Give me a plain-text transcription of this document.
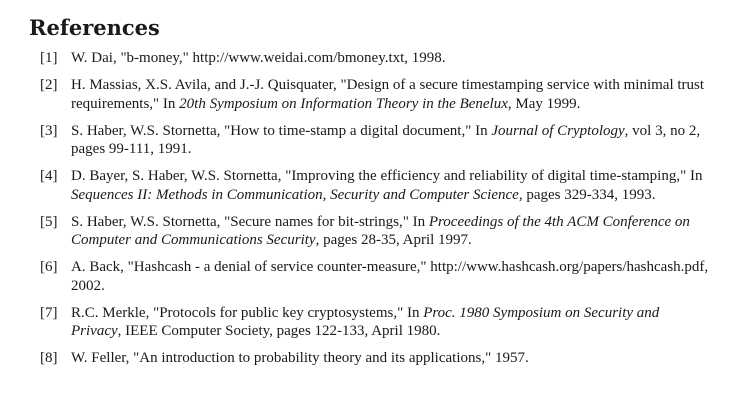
References
[1] W. Dai, "b-money," http://www.weidai.com/bmoney.txt, 1998.
[2] H. Massias, X.S. Avila, and J.-J. Quisquater, "Design of a secure timestamping service with minimal trust requirements," In 20th Symposium on Information Theory in the Benelux, May 1999.
[3] S. Haber, W.S. Stornetta, "How to time-stamp a digital document," In Journal of Cryptology, vol 3, no 2, pages 99-111, 1991.
[4] D. Bayer, S. Haber, W.S. Stornetta, "Improving the efficiency and reliability of digital time-stamping," In Sequences II: Methods in Communication, Security and Computer Science, pages 329-334, 1993.
[5] S. Haber, W.S. Stornetta, "Secure names for bit-strings," In Proceedings of the 4th ACM Conference on Computer and Communications Security, pages 28-35, April 1997.
[6] A. Back, "Hashcash - a denial of service counter-measure," http://www.hashcash.org/papers/hashcash.pdf, 2002.
[7] R.C. Merkle, "Protocols for public key cryptosystems," In Proc. 1980 Symposium on Security and Privacy, IEEE Computer Society, pages 122-133, April 1980.
[8] W. Feller, "An introduction to probability theory and its applications," 1957.
